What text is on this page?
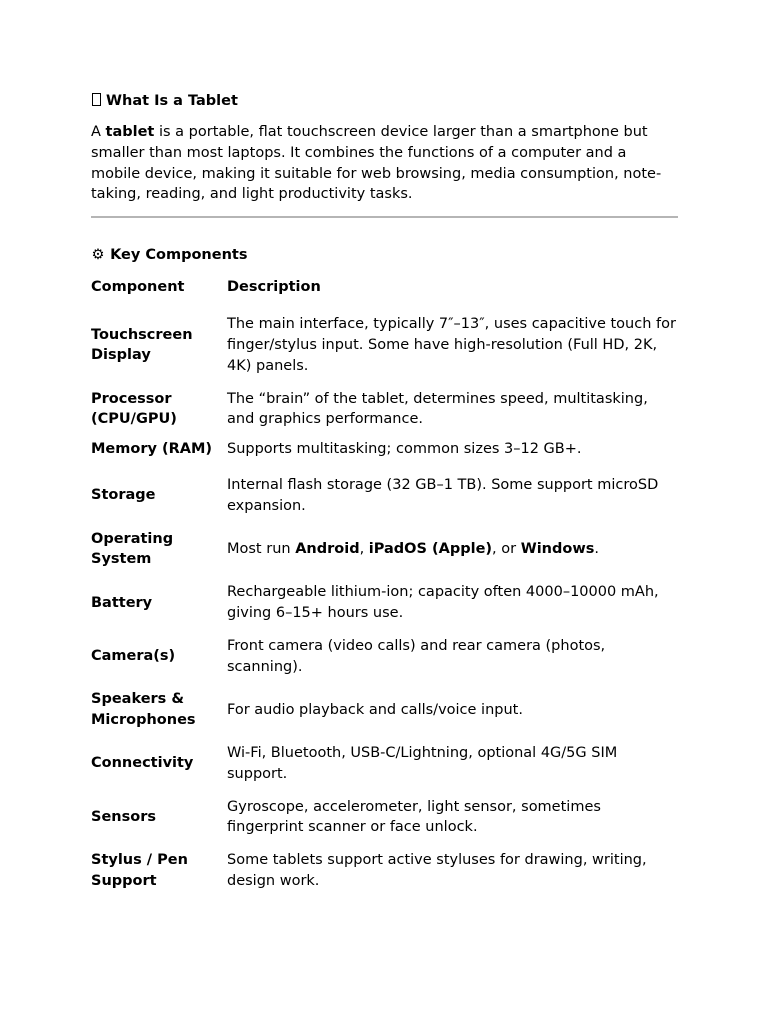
What Is a Tablet

A tablet is a portable, flat touchscreen device larger than a smartphone but smaller than most laptops. It combines the functions of a computer and a mobile device, making it suitable for web browsing, media consumption, note-taking, reading, and light productivity tasks.

⚙ Key Components
Component	Description
Touchscreen Display	The main interface, typically 7″–13″, uses capacitive touch for finger/stylus input. Some have high-resolution (Full HD, 2K, 4K) panels.
Processor (CPU/GPU)	The “brain” of the tablet, determines speed, multitasking, and graphics performance.
Memory (RAM)	Supports multitasking; common sizes 3–12 GB+.
Storage	Internal flash storage (32 GB–1 TB). Some support microSD expansion.
Operating System	Most run Android, iPadOS (Apple), or Windows.
Battery	Rechargeable lithium-ion; capacity often 4000–10000 mAh, giving 6–15+ hours use.
Camera(s)	Front camera (video calls) and rear camera (photos, scanning).
Speakers & Microphones	For audio playback and calls/voice input.
Connectivity	Wi-Fi, Bluetooth, USB-C/Lightning, optional 4G/5G SIM support.
Sensors	Gyroscope, accelerometer, light sensor, sometimes fingerprint scanner or face unlock.
Stylus / Pen Support	Some tablets support active styluses for drawing, writing, design work.
